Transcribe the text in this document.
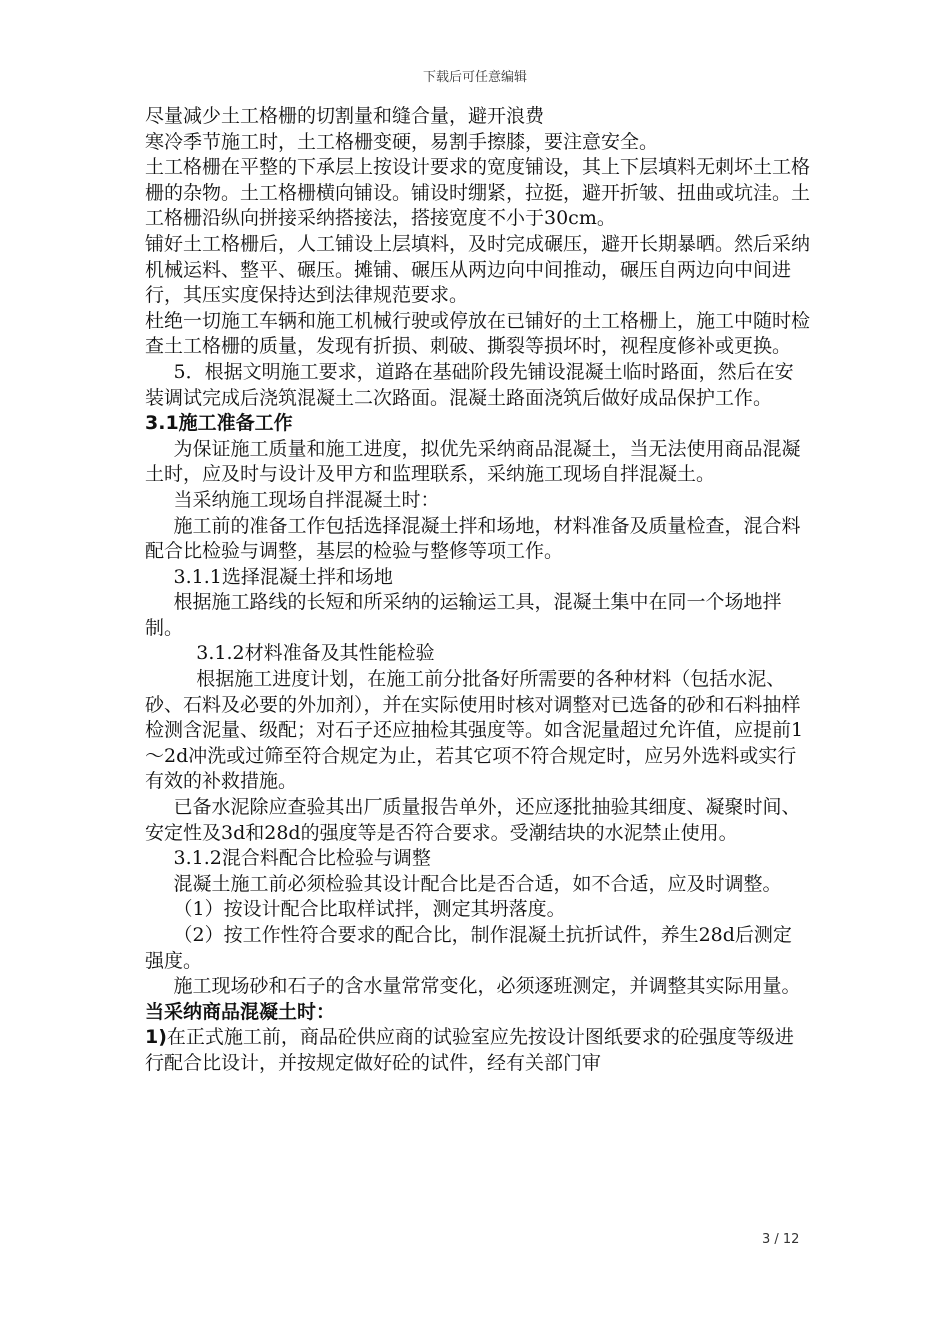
下载后可任意编辑

尽量减少土工格栅的切割量和缝合量，避开浪费

寒冷季节施工时，土工格栅变硬，易割手擦膝，要注意安全。

土工格栅在平整的下承层上按设计要求的宽度铺设，其上下层填料无刺坏土工格栅的杂物。土工格栅横向铺设。铺设时绷紧，拉挺，避开折皱、扭曲或坑洼。土工格栅沿纵向拼接采纳搭接法，搭接宽度不小于30cm。

铺好土工格栅后，人工铺设上层填料，及时完成碾压，避开长期暴晒。然后采纳机械运料、整平、碾压。摊铺、碾压从两边向中间推动，碾压自两边向中间进行，其压实度保持达到法律规范要求。

杜绝一切施工车辆和施工机械行驶或停放在已铺好的土工格栅上，施工中随时检查土工格栅的质量，发现有折损、刺破、撕裂等损坏时，视程度修补或更换。

5．根据文明施工要求，道路在基础阶段先铺设混凝土临时路面，然后在安装调试完成后浇筑混凝土二次路面。混凝土路面浇筑后做好成品保护工作。

3.1施工准备工作

为保证施工质量和施工进度，拟优先采纳商品混凝土，当无法使用商品混凝土时，应及时与设计及甲方和监理联系，采纳施工现场自拌混凝土。

当采纳施工现场自拌混凝土时：

施工前的准备工作包括选择混凝土拌和场地，材料准备及质量检查，混合料配合比检验与调整，基层的检验与整修等项工作。

3.1.1选择混凝土拌和场地

根据施工路线的长短和所采纳的运输运工具，混凝土集中在同一个场地拌制。

3.1.2材料准备及其性能检验

根据施工进度计划，在施工前分批备好所需要的各种材料（包括水泥、砂、石料及必要的外加剂），并在实际使用时核对调整对已选备的砂和石料抽样检测含泥量、级配；对石子还应抽检其强度等。如含泥量超过允许值，应提前1～2d冲洗或过筛至符合规定为止，若其它项不符合规定时，应另外选料或实行有效的补救措施。

已备水泥除应查验其出厂质量报告单外，还应逐批抽验其细度、凝聚时间、安定性及3d和28d的强度等是否符合要求。受潮结块的水泥禁止使用。

3.1.2混合料配合比检验与调整

混凝土施工前必须检验其设计配合比是否合适，如不合适，应及时调整。

（1）按设计配合比取样试拌，测定其坍落度。

（2）按工作性符合要求的配合比，制作混凝土抗折试件，养生28d后测定强度。

施工现场砂和石子的含水量常常变化，必须逐班测定，并调整其实际用量。

当采纳商品混凝土时：

1)在正式施工前，商品砼供应商的试验室应先按设计图纸要求的砼强度等级进行配合比设计，并按规定做好砼的试件，经有关部门审

3 / 12
